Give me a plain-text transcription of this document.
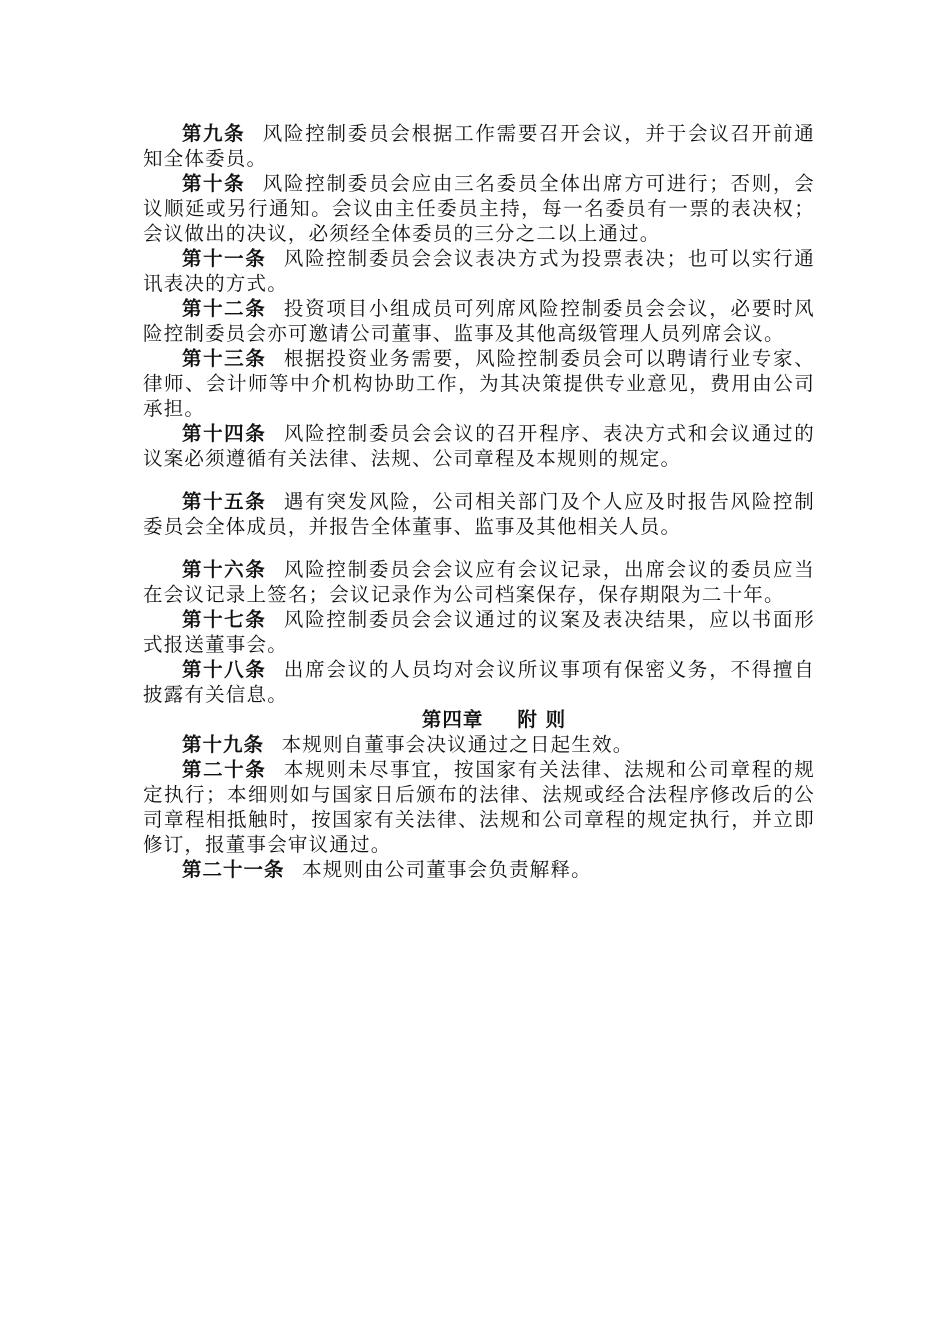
第九条 风险控制委员会根据工作需要召开会议，并于会议召开前通知全体委员。

第十条 风险控制委员会应由三名委员全体出席方可进行；否则，会议顺延或另行通知。会议由主任委员主持，每一名委员有一票的表决权；会议做出的决议，必须经全体委员的三分之二以上通过。

第十一条 风险控制委员会会议表决方式为投票表决；也可以实行通讯表决的方式。

第十二条 投资项目小组成员可列席风险控制委员会会议，必要时风险控制委员会亦可邀请公司董事、监事及其他高级管理人员列席会议。

第十三条 根据投资业务需要，风险控制委员会可以聘请行业专家、律师、会计师等中介机构协助工作，为其决策提供专业意见，费用由公司承担。

第十四条 风险控制委员会会议的召开程序、表决方式和会议通过的议案必须遵循有关法律、法规、公司章程及本规则的规定。

第十五条 遇有突发风险，公司相关部门及个人应及时报告风险控制委员会全体成员，并报告全体董事、监事及其他相关人员。

第十六条 风险控制委员会会议应有会议记录，出席会议的委员应当在会议记录上签名；会议记录作为公司档案保存，保存期限为二十年。

第十七条 风险控制委员会会议通过的议案及表决结果，应以书面形式报送董事会。

第十八条 出席会议的人员均对会议所议事项有保密义务，不得擅自披露有关信息。

第四章 附 则

第十九条 本规则自董事会决议通过之日起生效。

第二十条 本规则未尽事宜，按国家有关法律、法规和公司章程的规定执行；本细则如与国家日后颁布的法律、法规或经合法程序修改后的公司章程相抵触时，按国家有关法律、法规和公司章程的规定执行，并立即修订，报董事会审议通过。

第二十一条 本规则由公司董事会负责解释。
